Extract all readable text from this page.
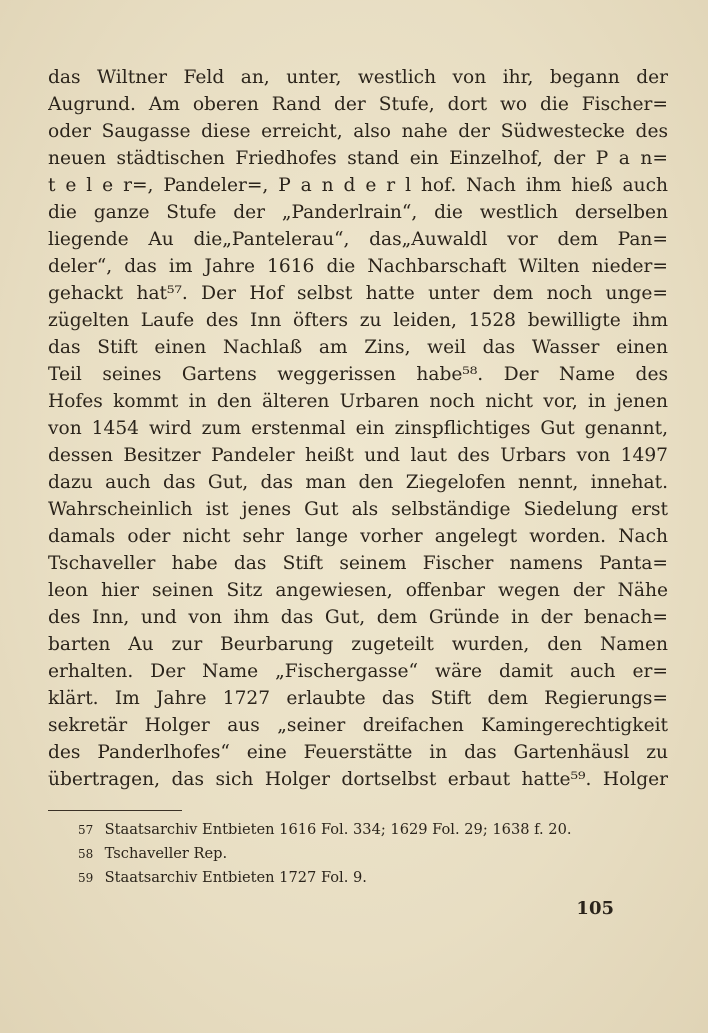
das Wiltner Feld an, unter, westlich von ihr, begann der
Augrund. Am oberen Rand der Stufe, dort wo die Fischer=
oder Saugasse diese erreicht, also nahe der Südwestecke des
neuen städtischen Friedhofes stand ein Einzelhof, der P a n=
t e l e r=, Pandeler=, P a n d e r l hof. Nach ihm hieß auch
die ganze Stufe der „Panderlrain“, die westlich derselben
liegende Au die„Pantelerau“, das„Auwaldl vor dem Pan=
deler“, das im Jahre 1616 die Nachbarschaft Wilten nieder=
gehackt hat⁵⁷. Der Hof selbst hatte unter dem noch unge=
zügelten Laufe des Inn öfters zu leiden, 1528 bewilligte ihm
das Stift einen Nachlaß am Zins, weil das Wasser einen
Teil seines Gartens weggerissen habe⁵⁸. Der Name des
Hofes kommt in den älteren Urbaren noch nicht vor, in jenen
von 1454 wird zum erstenmal ein zinspflichtiges Gut genannt,
dessen Besitzer Pandeler heißt und laut des Urbars von 1497
dazu auch das Gut, das man den Ziegelofen nennt, innehat.
Wahrscheinlich ist jenes Gut als selbständige Siedelung erst
damals oder nicht sehr lange vorher angelegt worden. Nach
Tschaveller habe das Stift seinem Fischer namens Panta=
leon hier seinen Sitz angewiesen, offenbar wegen der Nähe
des Inn, und von ihm das Gut, dem Gründe in der benach=
barten Au zur Beurbarung zugeteilt wurden, den Namen
erhalten. Der Name „Fischergasse“ wäre damit auch er=
klärt. Im Jahre 1727 erlaubte das Stift dem Regierungs=
sekretär Holger aus „seiner dreifachen Kamingerechtigkeit
des Panderlhofes“ eine Feuerstätte in das Gartenhäusl zu
übertragen, das sich Holger dortselbst erbaut hatte⁵⁹. Holger
57 Staatsarchiv Entbieten 1616 Fol. 334; 1629 Fol. 29; 1638 f. 20.
58 Tschaveller Rep.
59 Staatsarchiv Entbieten 1727 Fol. 9.
105
